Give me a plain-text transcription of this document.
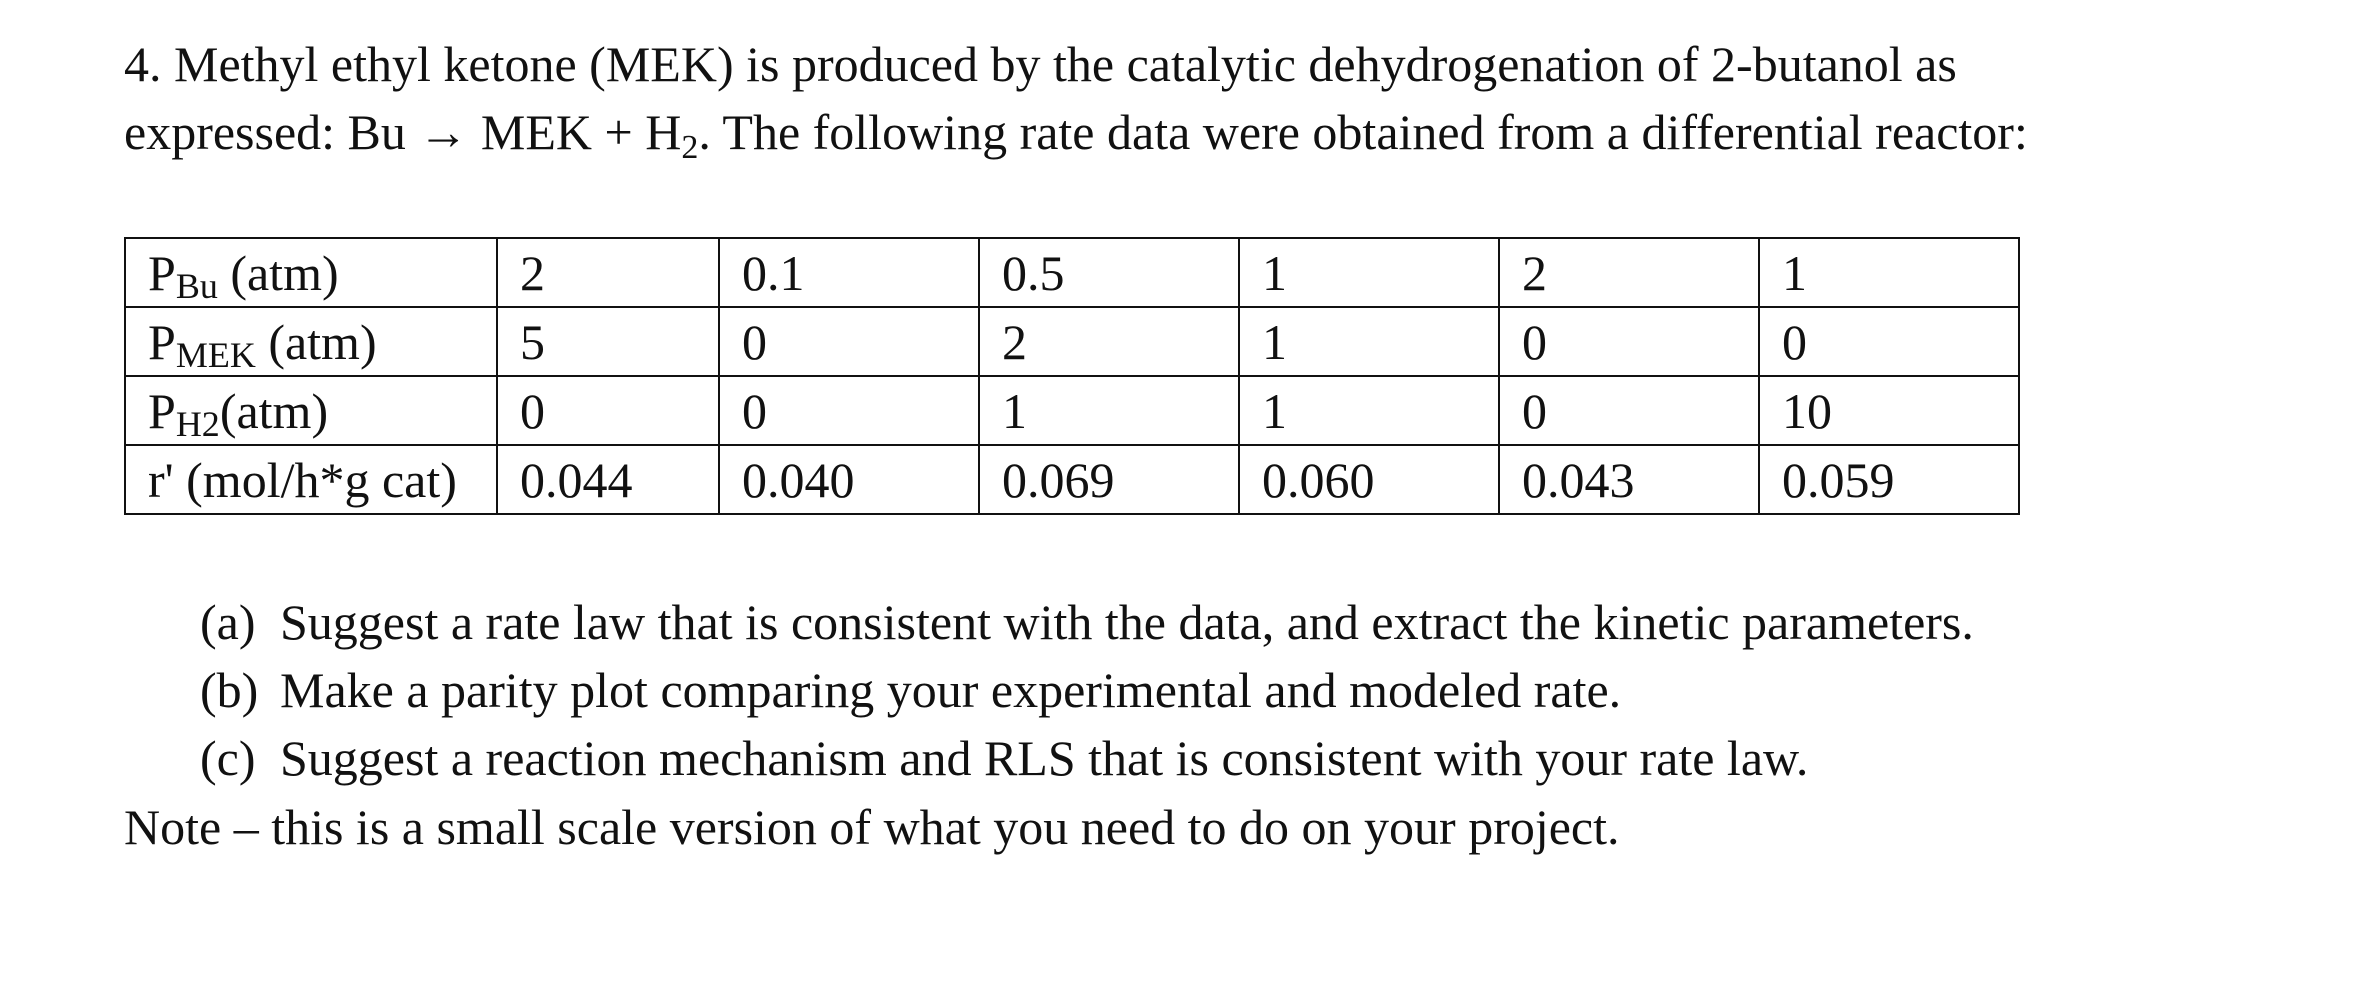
4. Methyl ethyl ketone (MEK) is produced by the catalytic dehydrogenation of 2-butanol as

expressed: Bu → MEK + H2. The following rate data were obtained from a differential reactor:

PBu (atm)	2	0.1	0.5	1	2	1
PMEK (atm)	5	0	2	1	0	0
PH2(atm)	0	0	1	1	0	10
r' (mol/h*g cat)	0.044	0.040	0.069	0.060	0.043	0.059

(a) Suggest a rate law that is consistent with the data, and extract the kinetic parameters.

(b) Make a parity plot comparing your experimental and modeled rate.

(c) Suggest a reaction mechanism and RLS that is consistent with your rate law.

Note – this is a small scale version of what you need to do on your project.
